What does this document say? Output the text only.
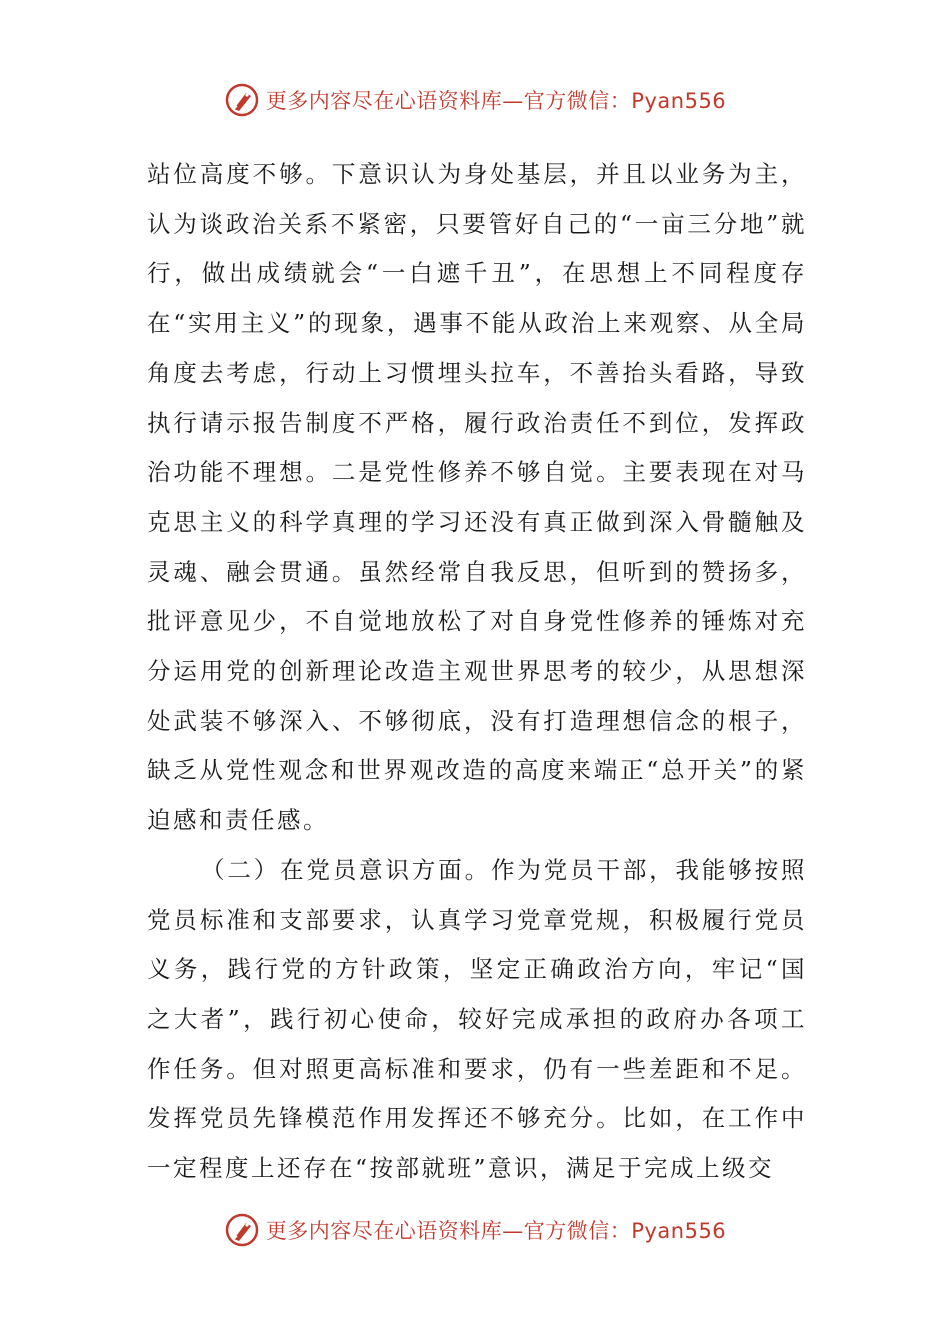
更多内容尽在心语资料库—官方微信：Pyan556

站位高度不够。下意识认为身处基层，并且以业务为主，认为谈政治关系不紧密，只要管好自己的“一亩三分地”就行，做出成绩就会“一白遮千丑”，在思想上不同程度存在“实用主义”的现象，遇事不能从政治上来观察、从全局角度去考虑，行动上习惯埋头拉车，不善抬头看路，导致执行请示报告制度不严格，履行政治责任不到位，发挥政治功能不理想。二是党性修养不够自觉。主要表现在对马克思主义的科学真理的学习还没有真正做到深入骨髓触及灵魂、融会贯通。虽然经常自我反思，但听到的赞扬多，批评意见少，不自觉地放松了对自身党性修养的锤炼对充分运用党的创新理论改造主观世界思考的较少，从思想深处武装不够深入、不够彻底，没有打造理想信念的根子，缺乏从党性观念和世界观改造的高度来端正“总开关”的紧迫感和责任感。

（二）在党员意识方面。作为党员干部，我能够按照党员标准和支部要求，认真学习党章党规，积极履行党员义务，践行党的方针政策，坚定正确政治方向，牢记“国之大者”，践行初心使命，较好完成承担的政府办各项工作任务。但对照更高标准和要求，仍有一些差距和不足。发挥党员先锋模范作用发挥还不够充分。比如，在工作中一定程度上还存在“按部就班”意识，满足于完成上级交

更多内容尽在心语资料库—官方微信：Pyan556
